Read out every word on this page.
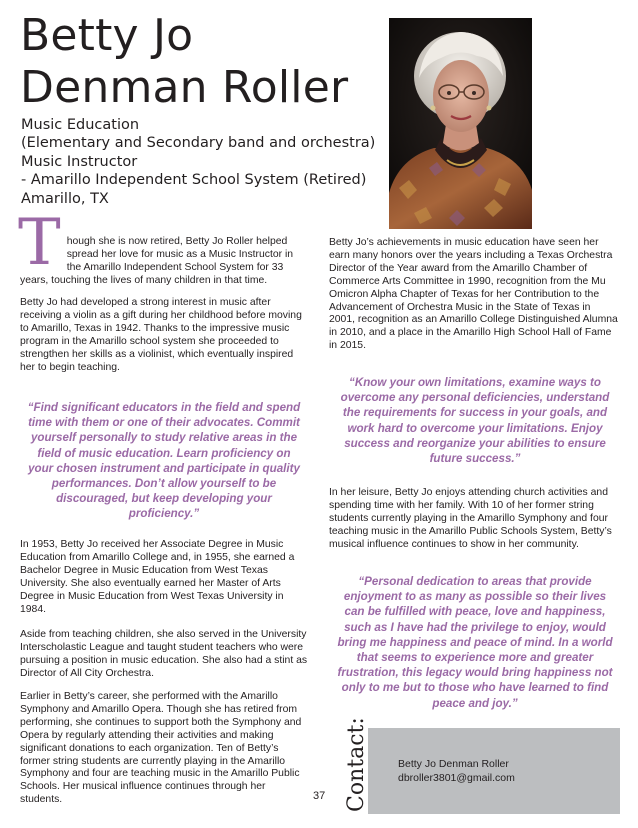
Betty Jo
Denman Roller
Music Education
(Elementary and Secondary band and orchestra)
Music Instructor
- Amarillo Independent School System (Retired)
Amarillo, TX
T hough she is now retired, Betty Jo Roller helped spread her love for music as a Music Instructor in the Amarillo Independent School System for 33 years, touching the lives of many children in that time.

Betty Jo had developed a strong interest in music after receiving a violin as a gift during her childhood before moving to Amarillo, Texas in 1942. Thanks to the impressive music program in the Amarillo school system she proceeded to strengthen her skills as a violinist, which eventually inspired her to begin teaching.

“Find significant educators in the field and spend time with them or one of their advocates. Commit yourself personally to study relative areas in the field of music education. Learn proficiency on your chosen instrument and participate in quality performances. Don’t allow yourself to be discouraged, but keep developing your proficiency.”

In 1953, Betty Jo received her Associate Degree in Music Education from Amarillo College and, in 1955, she earned a Bachelor Degree in Music Education from West Texas University. She also eventually earned her Master of Arts Degree in Music Education from West Texas University in 1984.

Aside from teaching children, she also served in the University Interscholastic League and taught student teachers who were pursuing a position in music education. She also had a stint as Director of All City Orchestra.

Earlier in Betty’s career, she performed with the Amarillo Symphony and Amarillo Opera. Though she has retired from performing, she continues to support both the Symphony and Opera by regularly attending their activities and making significant donations to each organization. Ten of Betty’s former string students are currently playing in the Amarillo Symphony and four are teaching music in the Amarillo Public Schools. Her musical influence continues through her students.

Betty Jo’s achievements in music education have seen her earn many honors over the years including a Texas Orchestra Director of the Year award from the Amarillo Chamber of Commerce Arts Committee in 1990, recognition from the Mu Omicron Alpha Chapter of Texas for her Contribution to the Advancement of Orchestra Music in the State of Texas in 2001, recognition as an Amarillo College Distinguished Alumna in 2010, and a place in the Amarillo High School Hall of Fame in 2015.

“Know your own limitations, examine ways to overcome any personal deficiencies, understand the requirements for success in your goals, and work hard to overcome your limitations. Enjoy success and reorganize your abilities to ensure future success.”

In her leisure, Betty Jo enjoys attending church activities and spending time with her family. With 10 of her former string students currently playing in the Amarillo Symphony and four teaching music in the Amarillo Public Schools System, Betty’s musical influence continues to show in her community.

“Personal dedication to areas that provide enjoyment to as many as possible so their lives can be fulfilled with peace, love and happiness, such as I have had the privilege to enjoy, would bring me happiness and peace of mind. In a world that seems to experience more and greater frustration, this legacy would bring happiness not only to me but to those who have learned to find peace and joy.”
Contact:	Betty Jo Denman Roller
dbroller3801@gmail.com
37
